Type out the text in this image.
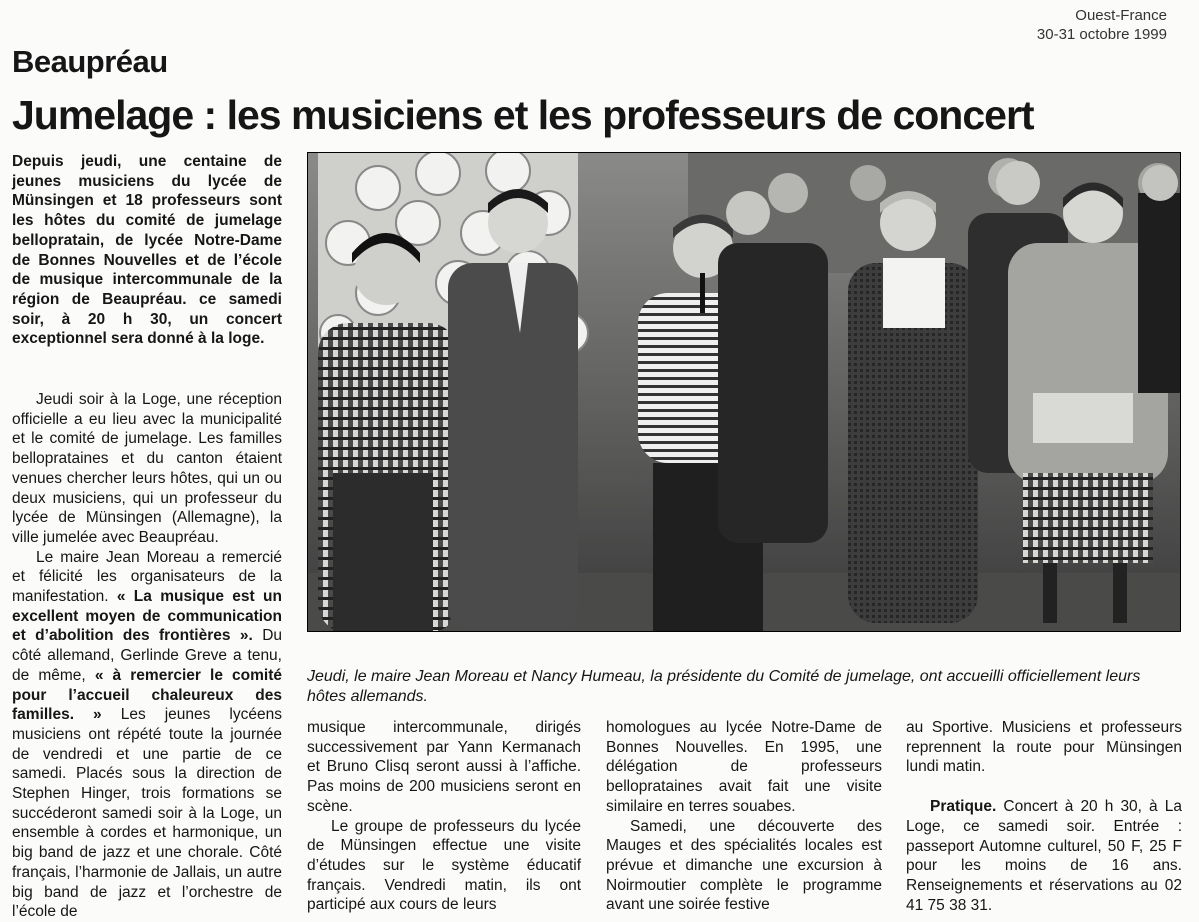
Ouest-France
30-31 octobre 1999
Beaupréau
Jumelage : les musiciens et les professeurs de concert

Depuis jeudi, une centaine de jeunes musiciens du lycée de Münsingen et 18 professeurs sont les hôtes du comité de jumelage bellopratain, de lycée Notre-Dame de Bonnes Nouvelles et de l’école de musique intercommunale de la région de Beaupréau. ce samedi soir, à 20 h 30, un concert exceptionnel sera donné à la loge.

Jeudi soir à la Loge, une réception officielle a eu lieu avec la municipalité et le comité de jumelage. Les familles belloprataines et du canton étaient venues chercher leurs hôtes, qui un ou deux musiciens, qui un professeur du lycée de Münsingen (Allemagne), la ville jumelée avec Beaupréau.

Le maire Jean Moreau a remercié et félicité les organisateurs de la manifestation. « La musique est un excellent moyen de communication et d’abolition des frontières ». Du côté allemand, Gerlinde Greve a tenu, de même, « à remercier le comité pour l’accueil chaleureux des familles. » Les jeunes lycéens musiciens ont répété toute la journée de vendredi et une partie de ce samedi. Placés sous la direction de Stephen Hinger, trois formations se succéderont samedi soir à la Loge, un ensemble à cordes et harmonique, un big band de jazz et une chorale. Côté français, l’harmonie de Jallais, un autre big band de jazz et l’orchestre de l’école de

Jeudi, le maire Jean Moreau et Nancy Humeau, la présidente du Comité de jumelage, ont accueilli officiellement leurs hôtes allemands.

musique intercommunale, dirigés successivement par Yann Kermanach et Bruno Clisq seront aussi à l’affiche. Pas moins de 200 musiciens seront en scène.

Le groupe de professeurs du lycée de Münsingen effectue une visite d’études sur le système éducatif français. Vendredi matin, ils ont participé aux cours de leurs

homologues au lycée Notre-Dame de Bonnes Nouvelles. En 1995, une délégation de professeurs belloprataines avait fait une visite similaire en terres souabes.

Samedi, une découverte des Mauges et des spécialités locales est prévue et dimanche une excursion à Noirmoutier complète le programme avant une soirée festive

au Sportive. Musiciens et professeurs reprennent la route pour Münsingen lundi matin.

Pratique. Concert à 20 h 30, à La Loge, ce samedi soir. Entrée : passeport Automne culturel, 50 F, 25 F pour les moins de 16 ans. Renseignements et réservations au 02 41 75 38 31.
